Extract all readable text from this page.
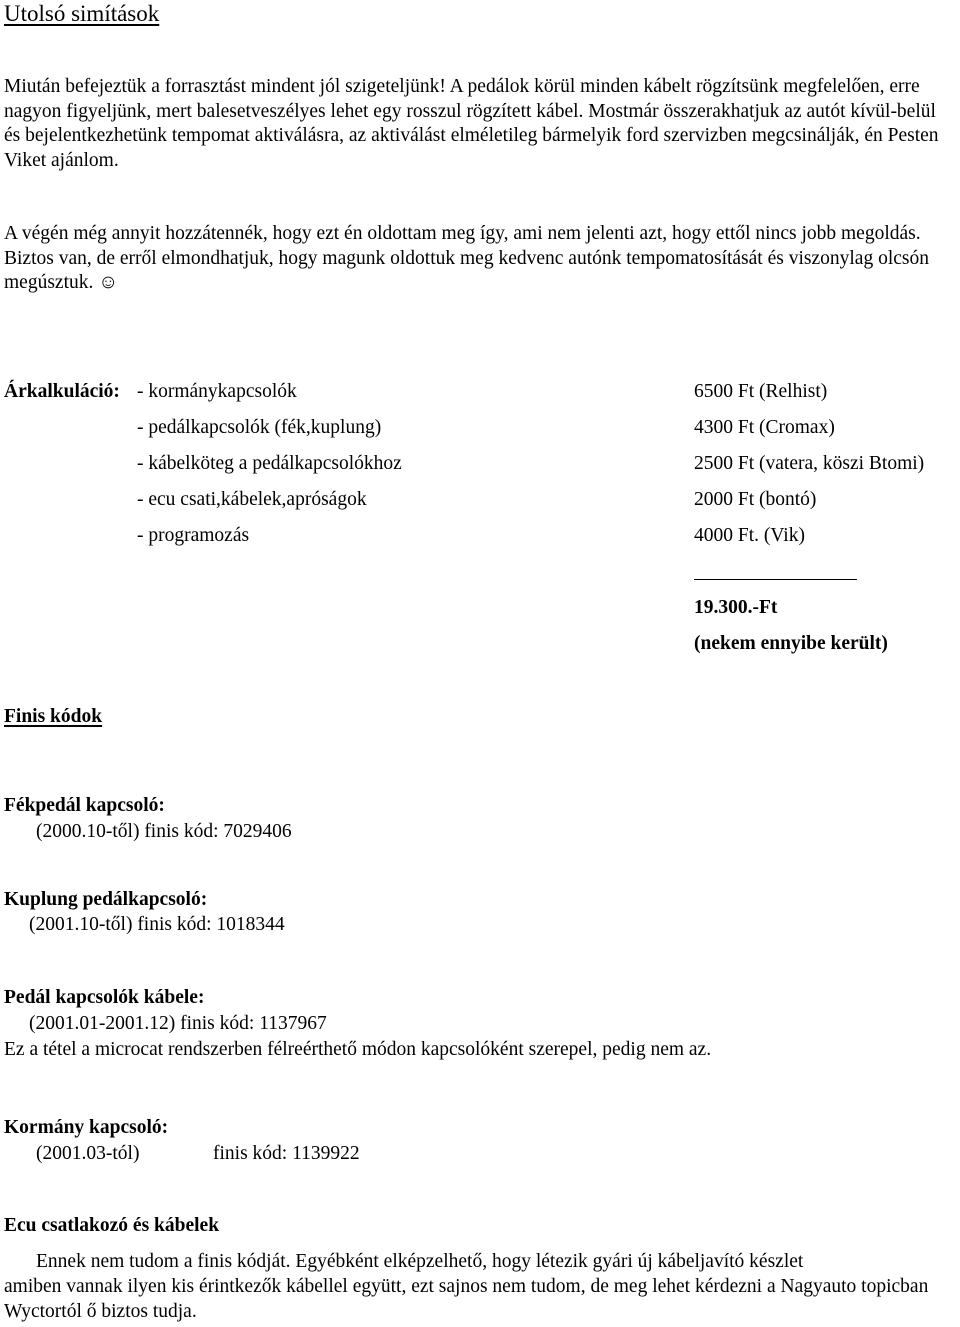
Utolsó simítások
Miután befejeztük a forrasztást mindent jól szigeteljünk! A pedálok körül minden kábelt rögzítsünk megfelelően, erre nagyon figyeljünk, mert balesetveszélyes lehet egy rosszul rögzített kábel. Mostmár összerakhatjuk az autót kívül-belül és bejelentkezhetünk tempomat aktiválásra, az aktiválást elméletileg bármelyik ford szervizben megcsinálják, én Pesten Viket ajánlom.
A végén még annyit hozzátennék, hogy ezt én oldottam meg így, ami nem jelenti azt, hogy ettől nincs jobb megoldás. Biztos van, de erről elmondhatjuk, hogy magunk oldottuk meg kedvenc autónk tempomatosítását és viszonylag olcsón megúsztuk. ☺
Árkalkuláció: - kormánykapcsolók	6500 Ft (Relhist)
- pedálkapcsolók (fék,kuplung)	4300 Ft (Cromax)
- kábelköteg a pedálkapcsolókhoz	2500 Ft (vatera, köszi Btomi)
- ecu csati,kábelek,apróságok	2000 Ft (bontó)
- programozás	4000 Ft. (Vik)
19.300.-Ft
(nekem ennyibe került)
Finis kódok
Fékpedál kapcsoló:
(2000.10-től) finis kód: 7029406
Kuplung pedálkapcsoló:
(2001.10-től) finis kód: 1018344
Pedál kapcsolók kábele:
(2001.01-2001.12) finis kód: 1137967
Ez a tétel a microcat rendszerben félreérthető módon kapcsolóként szerepel, pedig nem az.
Kormány kapcsoló:
(2001.03-tól)	finis kód: 1139922
Ecu csatlakozó és kábelek
Ennek nem tudom a finis kódját. Egyébként elképzelhető, hogy létezik gyári új kábeljavító készlet
amiben vannak ilyen kis érintkezők kábellel együtt, ezt sajnos nem tudom, de meg lehet kérdezni a Nagyauto topicban Wyctortól ő biztos tudja.
